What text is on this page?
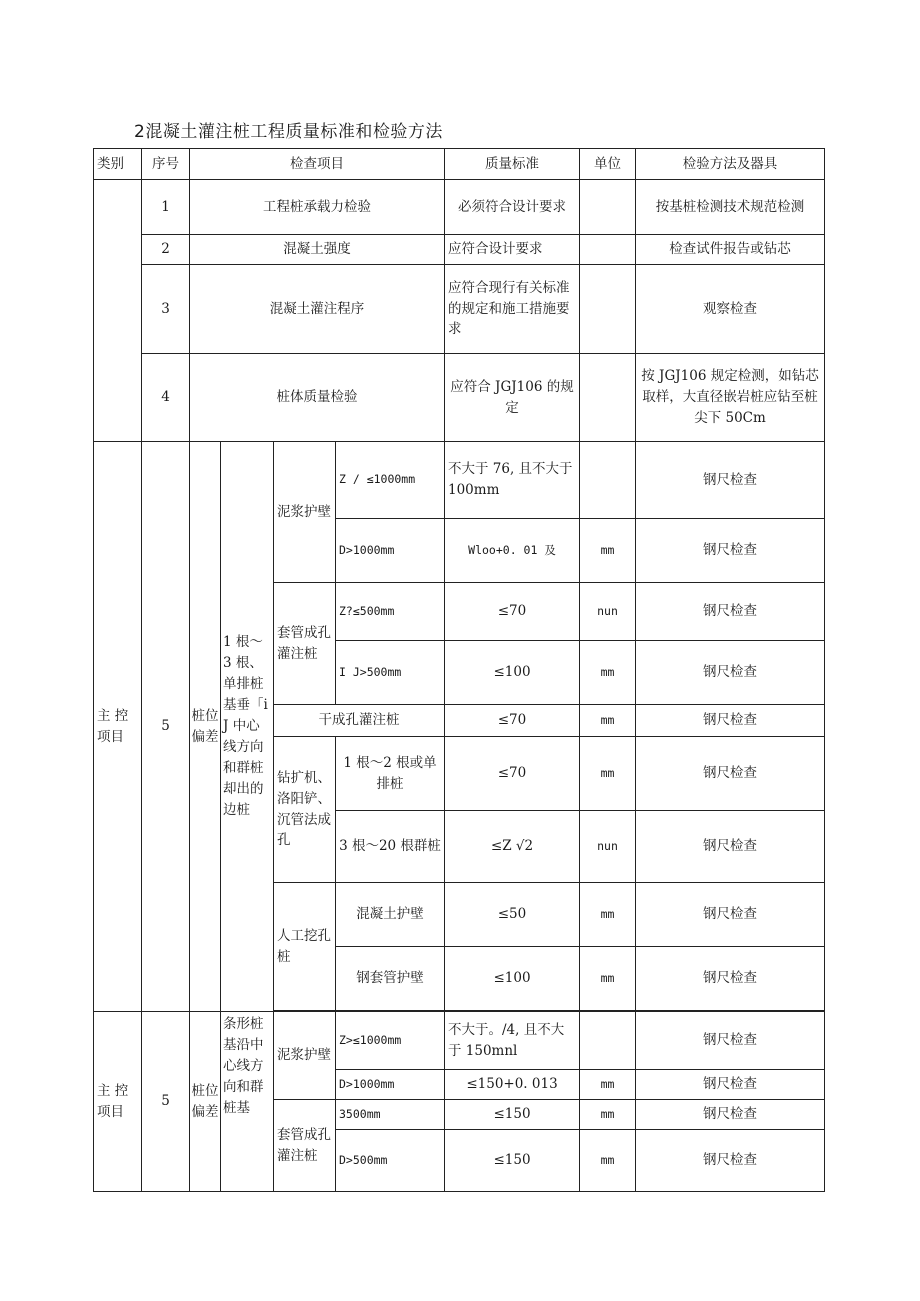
2混凝土灌注桩工程质量标准和检验方法
类别	序号	检查项目				质量标准	单位	检验方法及器具
	1	工程桩承载力检验				必须符合设计要求		按基桩检测技术规范检测
	2	混凝土强度				应符合设计要求		检查试件报告或钻芯
	3	混凝土灌注程序				应符合现行有关标准的规定和施工措施要求		观察检查
	4	桩体质量检验				应符合 JGJ106 的规定		按 JGJ106 规定检测，如钻芯取样，大直径嵌岩桩应钻至桩尖下 50Cm
主 控 项目	5	桩位偏差	1 根～3 根、单排桩基垂「iJ 中心线方向和群桩却出的边桩	泥浆护壁	Z / ≤1000mm	不大于 76, 且不大于 100mm		钢尺检查
					D>1000mm	Wloo+0. 01 及	mm	钢尺检查
				套管成孔灌注桩	Z?≤500mm	≤70	nun	钢尺检查
					I J>500mm	≤100	mm	钢尺检查
				干成孔灌注桩		≤70	mm	钢尺检查
				钻扩机、洛阳铲、沉管法成孔	1 根～2 根或单排桩	≤70	mm	钢尺检查
					3 根～20 根群桩	≤Z √2	nun	钢尺检查
				人工挖孔桩	混凝土护壁	≤50	mm	钢尺检查
					钢套管护壁	≤100	mm	钢尺检查

主 控 项目	5	桩位偏差	条形桩基沿中心线方向和群桩基	泥浆护壁	Z>≤1000mm	不大于。/4, 且不大于 150mnl		钢尺检查
					D>1000mm	≤150+0. 013	mm	钢尺检查
				套管成孔灌注桩	3500mm	≤150	mm	钢尺检查
					D>500mm	≤150	mm	钢尺检查
